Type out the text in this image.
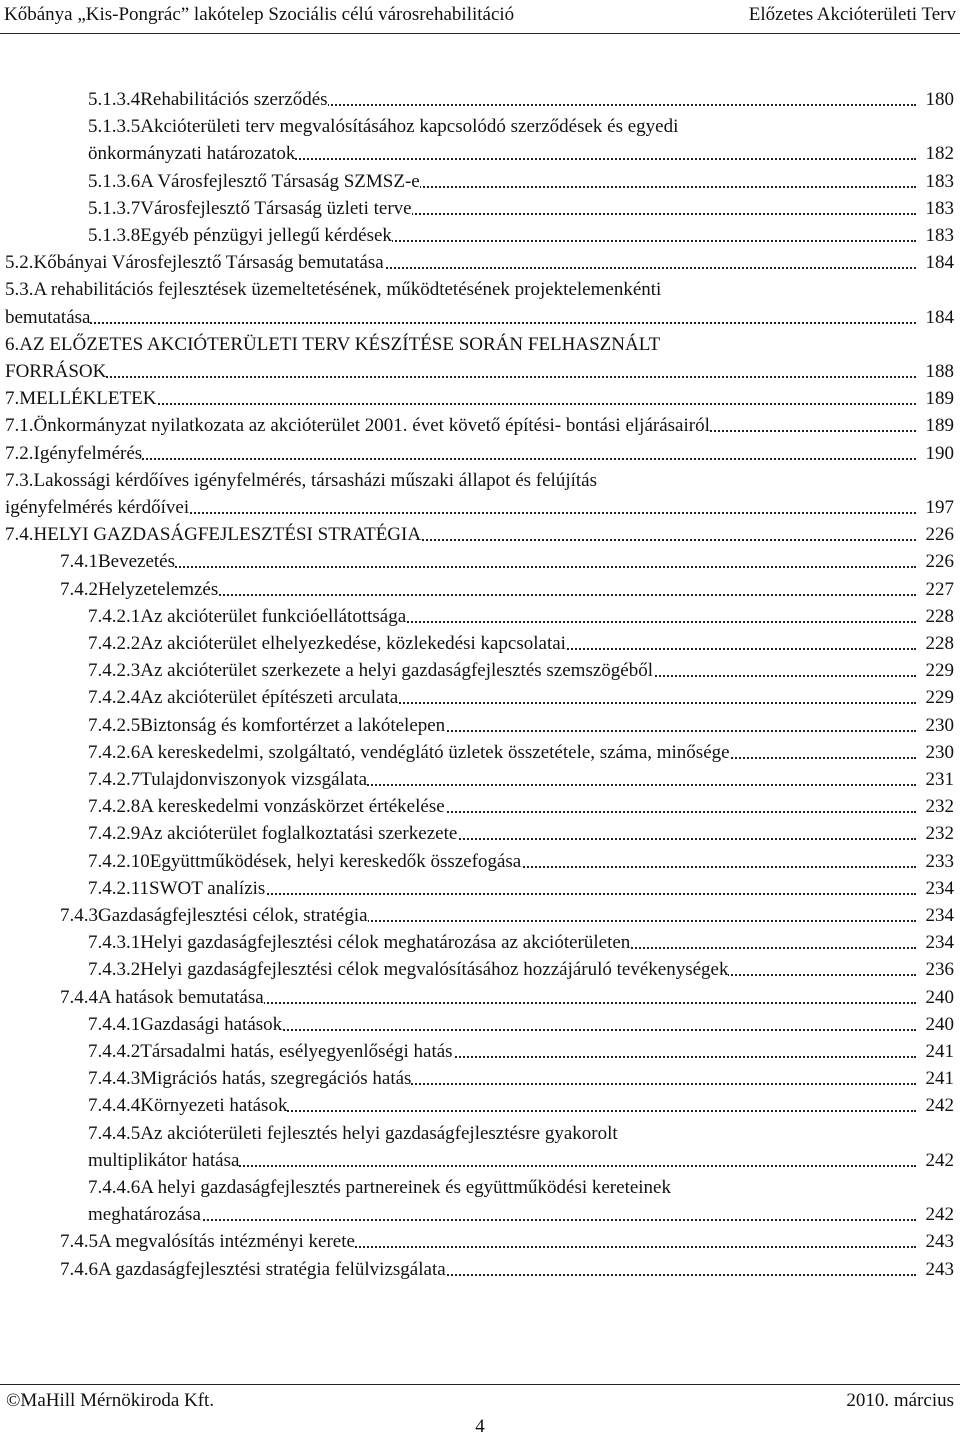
Kőbánya „Kis-Pongrác” lakótelep Szociális célú városrehabilitáció	Előzetes Akcióterületi Terv
5.1.3.4Rehabilitációs szerződés	180
5.1.3.5Akcióterületi terv megvalósításához kapcsolódó szerződések és egyedi
önkormányzati határozatok	182
5.1.3.6A Városfejlesztő Társaság SZMSZ-e	183
5.1.3.7Városfejlesztő Társaság üzleti terve	183
5.1.3.8Egyéb pénzügyi jellegű kérdések	183
5.2.Kőbányai Városfejlesztő Társaság bemutatása	184
5.3.A rehabilitációs fejlesztések üzemeltetésének, működtetésének projektelemenkénti
bemutatása	184
6.AZ ELŐZETES AKCIÓTERÜLETI TERV KÉSZÍTÉSE SORÁN FELHASZNÁLT
FORRÁSOK	188
7.MELLÉKLETEK	189
7.1.Önkormányzat nyilatkozata az akcióterület 2001. évet követő építési- bontási eljárásairól	189
7.2.Igényfelmérés	190
7.3.Lakossági kérdőíves igényfelmérés, társasházi műszaki állapot és felújítás
igényfelmérés kérdőívei	197
7.4.HELYI GAZDASÁGFEJLESZTÉSI STRATÉGIA	226
7.4.1Bevezetés	226
7.4.2Helyzetelemzés	227
7.4.2.1Az akcióterület funkcióellátottsága	228
7.4.2.2Az akcióterület elhelyezkedése, közlekedési kapcsolatai	228
7.4.2.3Az akcióterület szerkezete a helyi gazdaságfejlesztés szemszögéből	229
7.4.2.4Az akcióterület építészeti arculata	229
7.4.2.5Biztonság és komfortérzet a lakótelepen	230
7.4.2.6A kereskedelmi, szolgáltató, vendéglátó üzletek összetétele, száma, minősége	230
7.4.2.7Tulajdonviszonyok vizsgálata	231
7.4.2.8A kereskedelmi vonzáskörzet értékelése	232
7.4.2.9Az akcióterület foglalkoztatási szerkezete	232
7.4.2.10Együttműködések, helyi kereskedők összefogása	233
7.4.2.11SWOT analízis	234
7.4.3Gazdaságfejlesztési célok, stratégia	234
7.4.3.1Helyi gazdaságfejlesztési célok meghatározása az akcióterületen	234
7.4.3.2Helyi gazdaságfejlesztési célok megvalósításához hozzájáruló tevékenységek	236
7.4.4A hatások bemutatása	240
7.4.4.1Gazdasági hatások	240
7.4.4.2Társadalmi hatás, esélyegyenlőségi hatás	241
7.4.4.3Migrációs hatás, szegregációs hatás	241
7.4.4.4Környezeti hatások	242
7.4.4.5Az akcióterületi fejlesztés helyi gazdaságfejlesztésre gyakorolt
multiplikátor hatása	242
7.4.4.6A helyi gazdaságfejlesztés partnereinek és együttműködési kereteinek
meghatározása	242
7.4.5A megvalósítás intézményi kerete	243
7.4.6A gazdaságfejlesztési stratégia felülvizsgálata	243
©MaHill Mérnökiroda Kft.	2010. március
4
